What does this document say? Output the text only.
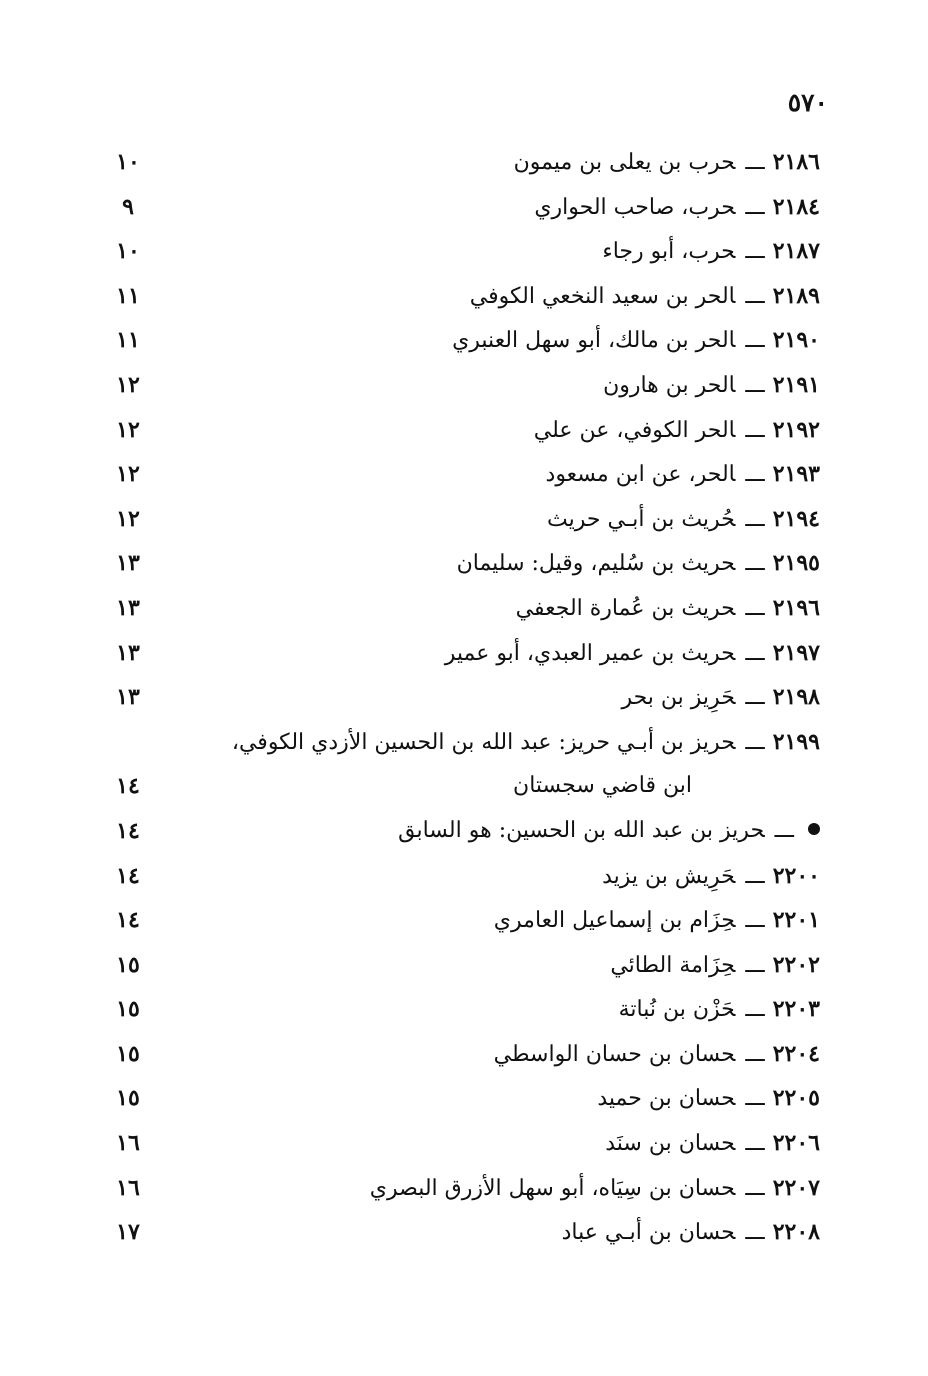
٥٧٠
٢١٨٦ـــحرب بن يعلى بن ميمون
١٠
٢١٨٤ـــحرب، صاحب الحواري
٩
٢١٨٧ـــحرب، أبو رجاء
١٠
٢١٨٩ـــالحر بن سعيد النخعي الكوفي
١١
٢١٩٠ـــالحر بن مالك، أبو سهل العنبري
١١
٢١٩١ـــالحر بن هارون
١٢
٢١٩٢ـــالحر الكوفي، عن علي
١٢
٢١٩٣ـــالحر، عن ابن مسعود
١٢
٢١٩٤ـــحُريث بن أبـي حريث
١٢
٢١٩٥ـــحريث بن سُليم، وقيل: سليمان
١٣
٢١٩٦ـــحريث بن عُمارة الجعفي
١٣
٢١٩٧ـــحريث بن عمير العبدي، أبو عمير
١٣
٢١٩٨ـــحَرِيز بن بحر
١٣
٢١٩٩ـــحريز بن أبـي حريز: عبد الله بن الحسين الأزدي الكوفي،
ابن قاضي سجستان
١٤
ـــحريز بن عبد الله بن الحسين: هو السابق
١٤
٢٢٠٠ـــحَرِيش بن يزيد
١٤
٢٢٠١ـــحِزَام بن إسماعيل العامري
١٤
٢٢٠٢ـــحِزَامة الطائي
١٥
٢٢٠٣ـــحَزْن بن نُباتة
١٥
٢٢٠٤ـــحسان بن حسان الواسطي
١٥
٢٢٠٥ـــحسان بن حميد
١٥
٢٢٠٦ـــحسان بن سنَد
١٦
٢٢٠٧ـــحسان بن سِيَاه، أبو سهل الأزرق البصري
١٦
٢٢٠٨ـــحسان بن أبـي عباد
١٧
